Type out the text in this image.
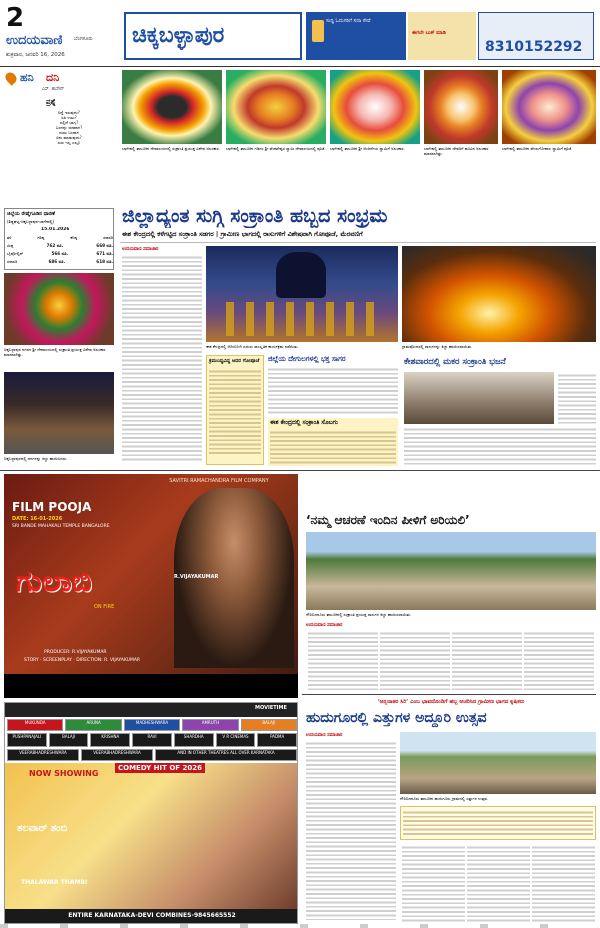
2
ಉದಯವಾಣಿ ಬೆಂಗಳೂರು
ಶುಕ್ರವಾರ, ಜನವರಿ 16, 2026
ಚಿಕ್ಕಬಳ್ಳಾಪುರ
ಸುದ್ದಿ ಓದುಗರಿಗೆ ಸದಾ ಸೇವೆ
ಈಗಲೇ ಬುಕ್ ಮಾಡಿ
8310152292
ಹನಿ ದನಿ
ಎಸ್. ಹುಸೇನ್
ಪ್ರಶ್ನೆ
ನಿದ್ದೆ ಇರುವುದು?
ಸಿಹಿ ಊಟ?
ಎಲ್ಲಿದೆ ಭಾಗ್ಯ?
ಬಂದದ್ದು ಯಾವಾಗ?
ದುಃಖ ಬಂದಾಗ
ಏನು ಮಾಡುವುದು?
ಸುಖ ಇಲ್ಲ ಎಲ್ಲೂ
ಜಿಲ್ಲೆಯ ರೇಷ್ಮೆಗೂಡಿನ ಧಾರಣೆ
(ಶಿಡ್ಲಘಟ್ಟ-ಚಿಕ್ಕಬಳ್ಳಾಪುರ-ಬಾಗೇಪಲ್ಲಿ)
15.01.2026
ತಳಿ	ಗರಿಷ್ಠ	ಕನಿಷ್ಠ	ಸರಾಸರಿ
ಮಿಶ್ರ	762 ರೂ.	669 ರೂ.
ಬೈವೋಲ್ಟಿನ್	566 ರೂ.	671 ರೂ.
ಸರಾಸರಿ	686 ರೂ.	618 ರೂ.
ಚಿಕ್ಕಬಳ್ಳಾಪುರ ನಗರದ ಶ್ರೀ ದೇವಾಲಯದಲ್ಲಿ ಸಂಕ್ರಾಂತಿ ಪ್ರಯುಕ್ತ ವಿಶೇಷ ಅಲಂಕಾರ ಮಾಡಲಾಗಿತ್ತು.
ಚಿಕ್ಕಬಳ್ಳಾಪುರದಲ್ಲಿ ದನಗಳನ್ನು ಕಿಚ್ಚು ಹಾಯಿಸಿದರು.
ಬಾಗೇಪಲ್ಲಿ ತಾಲೂಕಿನ ದೇವಾಲಯದಲ್ಲಿ ಸಂಕ್ರಾಂತಿ ಪ್ರಯುಕ್ತ ವಿಶೇಷ ಅಲಂಕಾರ.	ಬಾಗೇಪಲ್ಲಿ ತಾಲೂಕಿನ ಗಡಿದಂ ಶ್ರೀ ವೆಂಕಟೇಶ್ವರ ಸ್ವಾಮಿ ದೇವಾಲಯದಲ್ಲಿ ಪೂಜೆ. ಬಾಗೇಪಲ್ಲಿ ತಾಲೂಕಿನ ಶ್ರೀ ಆಂಜನೇಯ ಸ್ವಾಮಿಗೆ ಅಲಂಕಾರ.	ಬಾಗೇಪಲ್ಲಿ ತಾಲೂಕಿನ ದೇವರಿಗೆ ಹೂವಿನ ಅಲಂಕಾರ ಮಾಡಲಾಗಿತ್ತು.
ಬಾಗೇಪಲ್ಲಿ ತಾಲೂಕಿನ ವೇಣುಗೋಪಾಲ ಸ್ವಾಮಿಗೆ ಪೂಜೆ.
ಜಿಲ್ಲಾದ್ಯಂತ ಸುಗ್ಗಿ ಸಂಕ್ರಾಂತಿ ಹಬ್ಬದ ಸಂಭ್ರಮ
ಈಶ ಕೇಂದ್ರದಲ್ಲಿ ಕಳೆಗಟ್ಟಿದ ಸಂಕ್ರಾಂತಿ ಸಡಗರ | ಗ್ರಾಮೀಣ ಭಾಗದಲ್ಲಿ ರಾಸುಗಳಿಗೆ ವಿಶೇಷವಾಗಿ ಗೋಪೂಜೆ, ಮೆರವಣಿಗೆ
ಉದಯವಾಣಿ ಸಮಾಚಾರ
ಈಶ ಕೇಂದ್ರದಲ್ಲಿ ಆದಿಯೋಗಿ ಎದುರು ಸಾಂಸ್ಕೃತಿಕ ಕಾರ್ಯಕ್ರಮ ನಡೆಯಿತು.	ಗ್ರಾಮವೊಂದರಲ್ಲಿ ರಾಸುಗಳನ್ನು ಕಿಚ್ಚು ಹಾಯಿಸಲಾಯಿತು.
ಕ್ರಮಬದ್ಧವಿದ್ದ ಆದರ ಗೋಪೂಜೆ	ಜಿಲ್ಲೆಯ ದೇಗುಲಗಳಲ್ಲಿ ಭಕ್ತ ಸಾಗರ
ಈಶ ಕೇಂದ್ರದಲ್ಲಿ ಸಂಕ್ರಾಂತಿ ಸೊಬಗು
ಕೇಶವಾರದಲ್ಲಿ ಮಕರ ಸಂಕ್ರಾಂತಿ ಭಜನೆ
SAVITRI RAMACHANDRA FILM COMPANY
FILM POOJA
DATE: 16-01-2026
SRI BANDE MAHAKALI TEMPLE BANGALORE
R.VIJAYAKUMAR
ಗುಲಾಬಿ
ON FIRE
PRODUCER: R.VIJAYAKUMAR
STORY · SCREENPLAY · DIRECTION: R. VIJAYAKUMAR
‘ನಮ್ಮ ಆಚರಣೆ ಇಂದಿನ ಪೀಳಿಗೆ ಅರಿಯಲಿ’
ಗೌರಿಬಿದನೂರು ತಾಲೂಕಿನಲ್ಲಿ ಸಂಕ್ರಾಂತಿ ಪ್ರಯುಕ್ತ ರಾಸುಗಳ ಕಿಚ್ಚು ಹಾಯಿಸಲಾಯಿತು.
ಉದಯವಾಣಿ ಸಮಾಚಾರ
MUKUNDA	ARUNA	MADHESHWARA	AMRUTH	BALAJI
PUSHPANAJALI	BALAJI	KRISHNA	RAVI	SHARDHA	V R CINEMAS	PADMA
VEERABHADRESHWARA	VEERABHADRESHWARA	AND IN OTHER THEATRES ALL OVER KARNATAKA
NOW SHOWING
COMEDY HIT OF 2026
ತಲವಾರ್ ತಂಬಿ
THALAWAR THAMBI
MOVIETIME
ENTIRE KARNATAKA-DEVI COMBINES-9845665552
‘ಅನ್ನದಾತರ ಸಿರಿ’ ಎಂಬ ಭಾವದೊಂದಿಗೆ ಹಬ್ಬ ಆಚರಿಸಿದ ಗ್ರಾಮೀಣ ಭಾಗದ ಕೃಷಿಕರು
ಹುದುಗೂರಲ್ಲಿ ಎತ್ತುಗಳ ಅದ್ದೂರಿ ಉತ್ಸವ
ಉದಯವಾಣಿ ಸಮಾಚಾರ
ಗೌರಿಬಿದನೂರು ತಾಲೂಕಿನ ಹುದುಗೂರು ಗ್ರಾಮದಲ್ಲಿ ಎತ್ತುಗಳ ಉತ್ಸವ.
